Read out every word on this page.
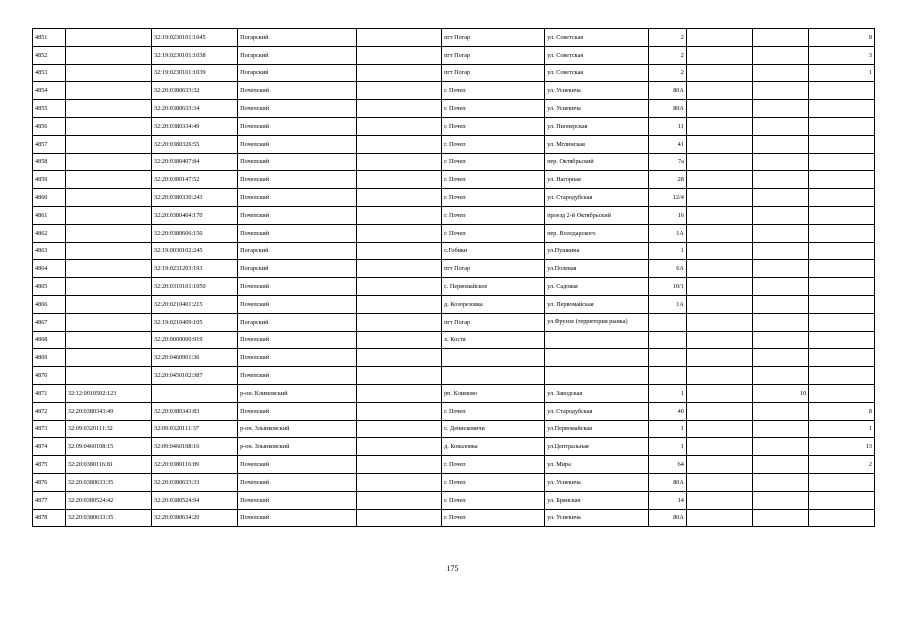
4851		32:19:0230101:1045	Погарский		пгт Погар	ул. Советская	2			8
4852		32:19:0230101:1038	Погарский		пгт Погар	ул. Советская	2			3
4853		32:19:0230101:1039	Погарский		пгт Погар	ул. Советская	2			1
4854		32:20:0380633:32	Почепский		г. Почеп	ул. Усиевича	80А			
4855		32:20:0380633:34	Почепский		г. Почеп	ул. Усиевича	80А			
4856		32:20:0380334:49	Почепский		г. Почеп	ул. Пионерская	11			
4857		32:20:0380326:55	Почепский		г. Почеп	ул. Мглинская	41			
4858		32:20:0380407:84	Почепский		г. Почеп	пер. Октябрьский	7а			
4859		32:20:0380147:52	Почепский		г. Почеп	ул. Нагорная	28			
4860		32:20:0380330:243	Почепский		г. Почеп	ул. Стародубская	12/4			
4861		32:20:0380404:170	Почепский		г. Почеп	проезд 2-й Октябрьский	16			
4862		32:20:0380606:150	Почепский		г. Почеп	пер. Володарского	1А			
4863		32:19:0030102:245	Погарский		с.Гобики	ул.Пушкина	1			
4864		32:19:0231203:193	Погарский		пгт Погар	ул.Полевая	6А			
4865		32:20:0310101:1050	Почепский		с. Первомайское	ул. Садовая	10/1			
4866		32:20:0210401:215	Почепский		д. Козорезовка	ул. Первомайская	1А			
4867		32:19:0210409:105	Погарский		пгт Погар	ул.Фрунзе (территория рынка)				
4868		32:20:0000000:919	Почепский		х. Костя					
4869		32:20:0460901:36	Почепский							
4870		32:20:0450102:387	Почепский							
4871	32:12:0010502:123		р-он. Климовский		рп. Климово	ул. Заводская	1		10	
4872	32:20:0380343:49	32:20:0380343:83	Почепский		г. Почеп	ул. Стародубская	40			8
4873	32:09:0320111:32	32:09:0320111:37	р-он. Злынковский		с. Денисковичи	ул.Первомайская	1			1
4874	32:09:0460108:15	32:09:0460108:16	р-он. Злынковский		д. Коваловка	ул.Центральная	1			13
4875	32:20:0380116:81	32:20:0380116:89	Почепский		г. Почеп	ул. Мира	64			2
4876	32:20:0380633:35	32:20:0380633:33	Почепский		г. Почеп	ул. Усиевича	80А			
4877	32:20:0380524:42	32:20:0380524:94	Почепский		г. Почеп	ул. Брянская	14			
4878	32:20:0380633:35	32:20:0380634:20	Почепский		г. Почеп	ул. Усиевича	80А			
175
